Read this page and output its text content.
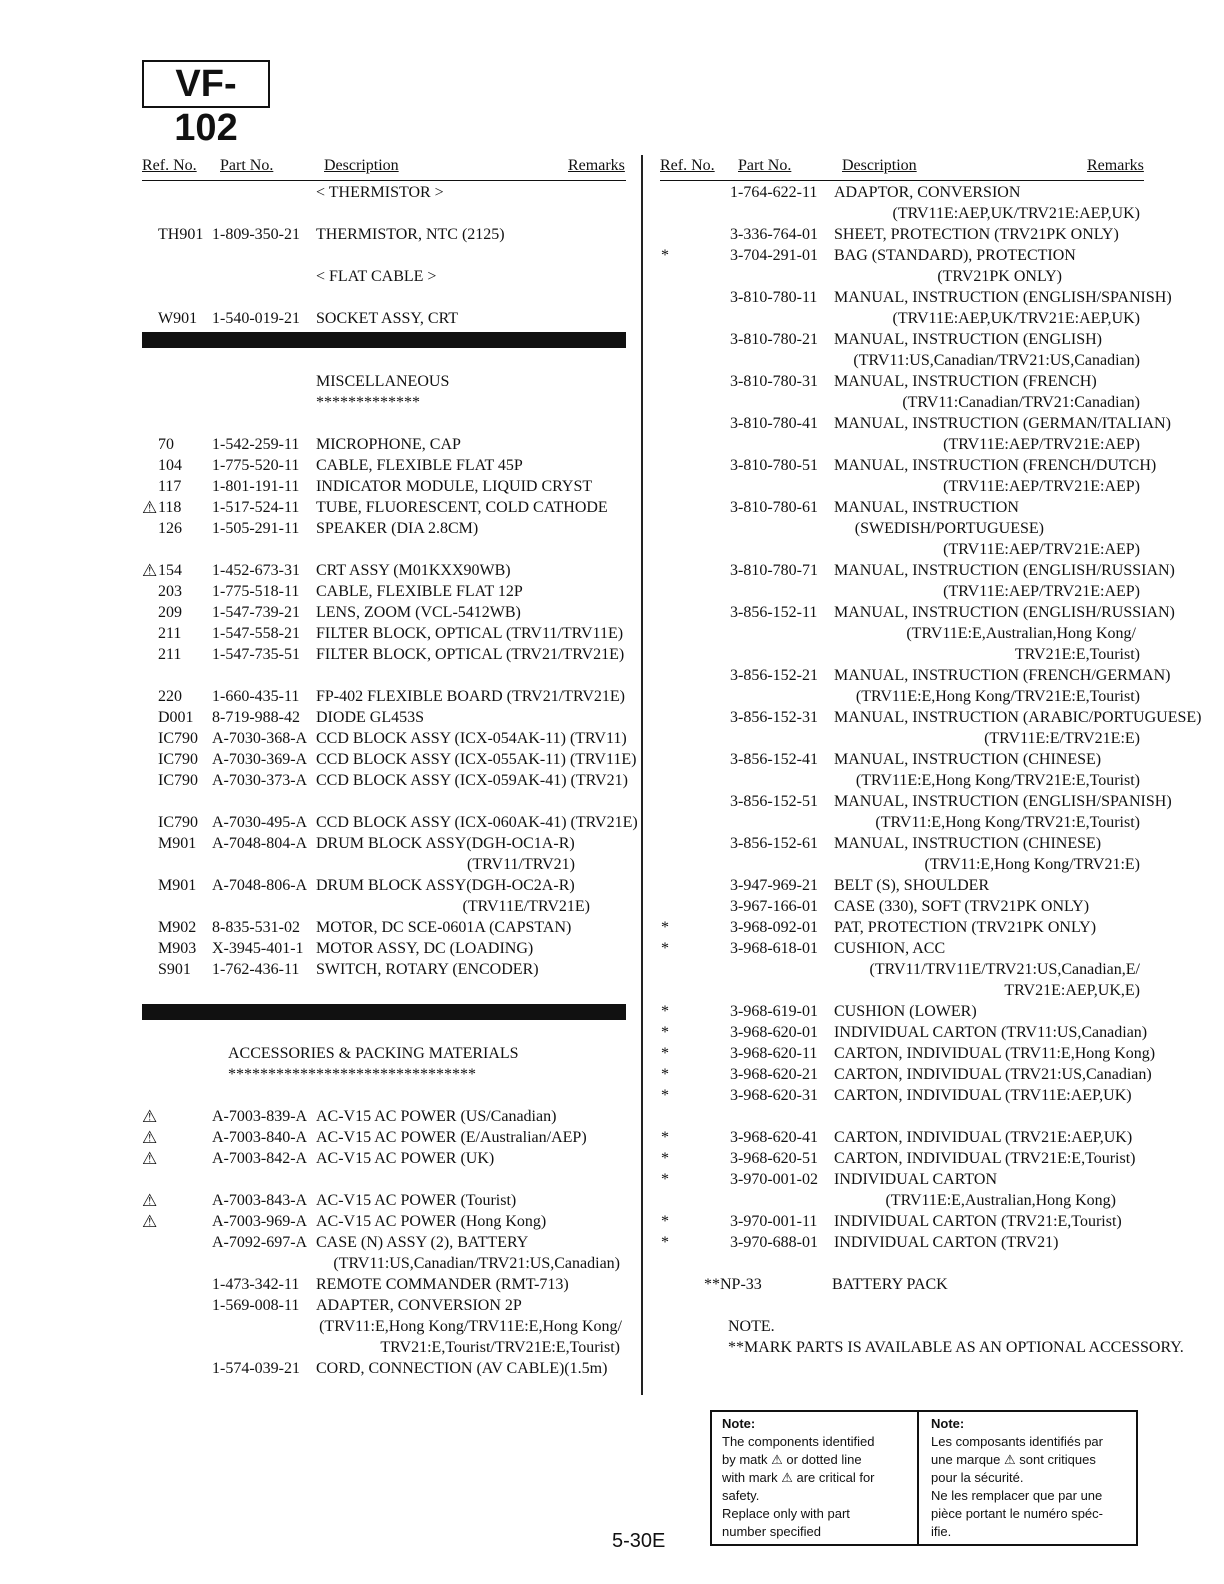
VF-102
Ref. No. Part No.	Description	Remarks Ref. No. Part No.	Description	Remarks
< THERMISTOR >
TH901 1-809-350-21 THERMISTOR, NTC (2125)
< FLAT CABLE >
W901 1-540-019-21 SOCKET ASSY, CRT
MISCELLANEOUS
*************
70 1-542-259-11 MICROPHONE, CAP
104 1-775-520-11 CABLE, FLEXIBLE FLAT 45P
117 1-801-191-11 INDICATOR MODULE, LIQUID CRYST
⚠ 118 1-517-524-11 TUBE, FLUORESCENT, COLD CATHODE
126 1-505-291-11 SPEAKER (DIA 2.8CM)
⚠ 154 1-452-673-31 CRT ASSY (M01KXX90WB)
203 1-775-518-11 CABLE, FLEXIBLE FLAT 12P
209 1-547-739-21 LENS, ZOOM (VCL-5412WB)
211 1-547-558-21 FILTER BLOCK, OPTICAL (TRV11/TRV11E)
211 1-547-735-51 FILTER BLOCK, OPTICAL (TRV21/TRV21E)
220 1-660-435-11 FP-402 FLEXIBLE BOARD (TRV21/TRV21E)
D001 8-719-988-42 DIODE GL453S
IC790 A-7030-368-A CCD BLOCK ASSY (ICX-054AK-11) (TRV11)
IC790 A-7030-369-A CCD BLOCK ASSY (ICX-055AK-11) (TRV11E)
IC790 A-7030-373-A CCD BLOCK ASSY (ICX-059AK-41) (TRV21)
IC790 A-7030-495-A CCD BLOCK ASSY (ICX-060AK-41) (TRV21E)
M901 A-7048-804-A DRUM BLOCK ASSY(DGH-OC1A-R)
(TRV11/TRV21)
M901 A-7048-806-A DRUM BLOCK ASSY(DGH-OC2A-R)
(TRV11E/TRV21E)
M902 8-835-531-02 MOTOR, DC SCE-0601A (CAPSTAN)
M903 X-3945-401-1 MOTOR ASSY, DC (LOADING)
S901 1-762-436-11 SWITCH, ROTARY (ENCODER)
ACCESSORIES & PACKING MATERIALS
*******************************
⚠	A-7003-839-A AC-V15 AC POWER (US/Canadian)
⚠	A-7003-840-A AC-V15 AC POWER (E/Australian/AEP)
⚠	A-7003-842-A AC-V15 AC POWER (UK)
⚠	A-7003-843-A AC-V15 AC POWER (Tourist)
⚠	A-7003-969-A AC-V15 AC POWER (Hong Kong)
A-7092-697-A CASE (N) ASSY (2), BATTERY
(TRV11:US,Canadian/TRV21:US,Canadian)
1-473-342-11 REMOTE COMMANDER (RMT-713)
1-569-008-11 ADAPTER, CONVERSION 2P
(TRV11:E,Hong Kong/TRV11E:E,Hong Kong/
TRV21:E,Tourist/TRV21E:E,Tourist)
1-574-039-21 CORD, CONNECTION (AV CABLE)(1.5m)
1-764-622-11 ADAPTOR, CONVERSION
(TRV11E:AEP,UK/TRV21E:AEP,UK)
3-336-764-01 SHEET, PROTECTION (TRV21PK ONLY)
*	3-704-291-01 BAG (STANDARD), PROTECTION
(TRV21PK ONLY)
3-810-780-11 MANUAL, INSTRUCTION (ENGLISH/SPANISH)
(TRV11E:AEP,UK/TRV21E:AEP,UK)
3-810-780-21 MANUAL, INSTRUCTION (ENGLISH)
(TRV11:US,Canadian/TRV21:US,Canadian)
3-810-780-31 MANUAL, INSTRUCTION (FRENCH)
(TRV11:Canadian/TRV21:Canadian)
3-810-780-41 MANUAL, INSTRUCTION (GERMAN/ITALIAN)
(TRV11E:AEP/TRV21E:AEP)
3-810-780-51 MANUAL, INSTRUCTION (FRENCH/DUTCH)
(TRV11E:AEP/TRV21E:AEP)
3-810-780-61 MANUAL, INSTRUCTION
(SWEDISH/PORTUGUESE)
(TRV11E:AEP/TRV21E:AEP)
3-810-780-71 MANUAL, INSTRUCTION (ENGLISH/RUSSIAN)
(TRV11E:AEP/TRV21E:AEP)
3-856-152-11 MANUAL, INSTRUCTION (ENGLISH/RUSSIAN)
(TRV11E:E,Australian,Hong Kong/
TRV21E:E,Tourist)
3-856-152-21 MANUAL, INSTRUCTION (FRENCH/GERMAN)
(TRV11E:E,Hong Kong/TRV21E:E,Tourist)
3-856-152-31 MANUAL, INSTRUCTION (ARABIC/PORTUGUESE)
(TRV11E:E/TRV21E:E)
3-856-152-41 MANUAL, INSTRUCTION (CHINESE)
(TRV11E:E,Hong Kong/TRV21E:E,Tourist)
3-856-152-51 MANUAL, INSTRUCTION (ENGLISH/SPANISH)
(TRV11:E,Hong Kong/TRV21:E,Tourist)
3-856-152-61 MANUAL, INSTRUCTION (CHINESE)
(TRV11:E,Hong Kong/TRV21:E)
3-947-969-21 BELT (S), SHOULDER
3-967-166-01 CASE (330), SOFT (TRV21PK ONLY)
*	3-968-092-01 PAT, PROTECTION (TRV21PK ONLY)
*	3-968-618-01 CUSHION, ACC
(TRV11/TRV11E/TRV21:US,Canadian,E/
TRV21E:AEP,UK,E)
*	3-968-619-01 CUSHION (LOWER)
*	3-968-620-01 INDIVIDUAL CARTON (TRV11:US,Canadian)
*	3-968-620-11 CARTON, INDIVIDUAL (TRV11:E,Hong Kong)
*	3-968-620-21 CARTON, INDIVIDUAL (TRV21:US,Canadian)
*	3-968-620-31 CARTON, INDIVIDUAL (TRV11E:AEP,UK)
*	3-968-620-41 CARTON, INDIVIDUAL (TRV21E:AEP,UK)
*	3-968-620-51 CARTON, INDIVIDUAL (TRV21E:E,Tourist)
*	3-970-001-02 INDIVIDUAL CARTON
(TRV11E:E,Australian,Hong Kong)
*	3-970-001-11 INDIVIDUAL CARTON (TRV21:E,Tourist)
*	3-970-688-01 INDIVIDUAL CARTON (TRV21)
**NP-33	BATTERY PACK
NOTE.
**MARK PARTS IS AVAILABLE AS AN OPTIONAL ACCESSORY.
Note:
The components identified
by matk ⚠ or dotted line
with mark ⚠ are critical for
safety.
Replace only with part
number specified
Note:
Les composants identifiés par
une marque ⚠ sont critiques
pour la sécurité.
Ne les remplacer que par une
pièce portant le numéro spéc-
ifie.
5-30E
